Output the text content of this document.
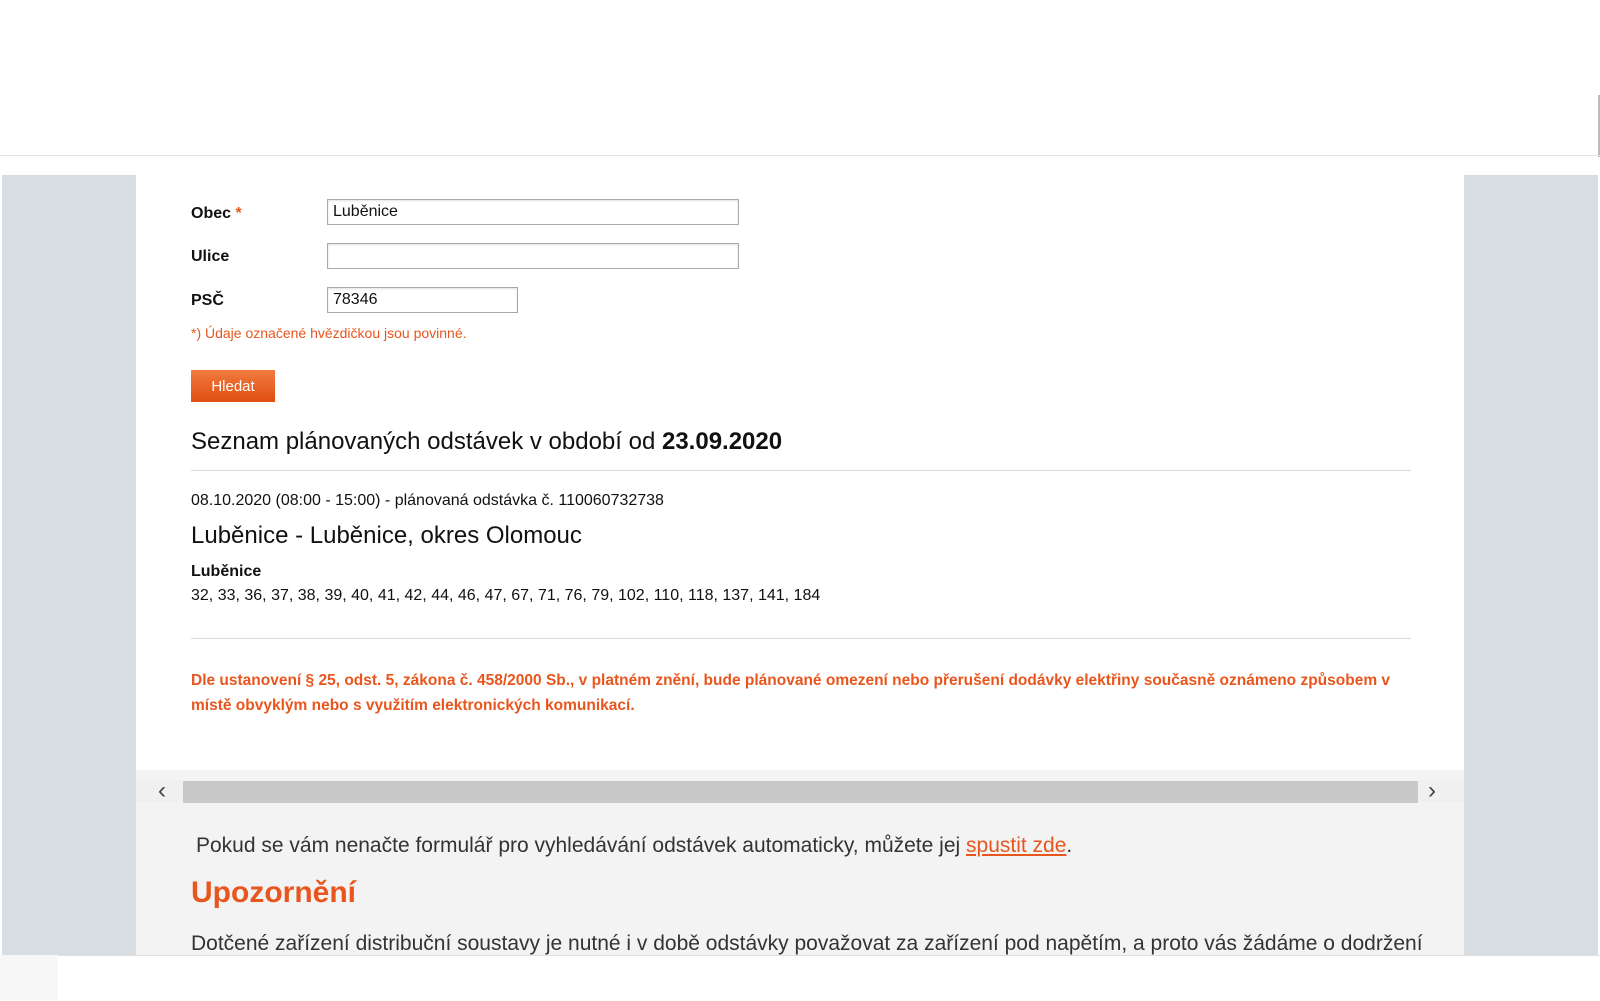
Obec *
Luběnice
Ulice
PSČ
78346
*) Údaje označené hvězdičkou jsou povinné.
Hledat
Seznam plánovaných odstávek v období od 23.09.2020
08.10.2020 (08:00 - 15:00) - plánovaná odstávka č. 110060732738
Luběnice - Luběnice, okres Olomouc
Luběnice
32, 33, 36, 37, 38, 39, 40, 41, 42, 44, 46, 47, 67, 71, 76, 79, 102, 110, 118, 137, 141, 184
Dle ustanovení § 25, odst. 5, zákona č. 458/2000 Sb., v platném znění, bude plánované omezení nebo přerušení dodávky elektřiny současně oznámeno způsobem v místě obvyklým nebo s využitím elektronických komunikací.
‹	›
Pokud se vám nenačte formulář pro vyhledávání odstávek automaticky, můžete jej spustit zde.
Upozornění
Dotčené zařízení distribuční soustavy je nutné i v době odstávky považovat za zařízení pod napětím, a proto vás žádáme o dodržení
